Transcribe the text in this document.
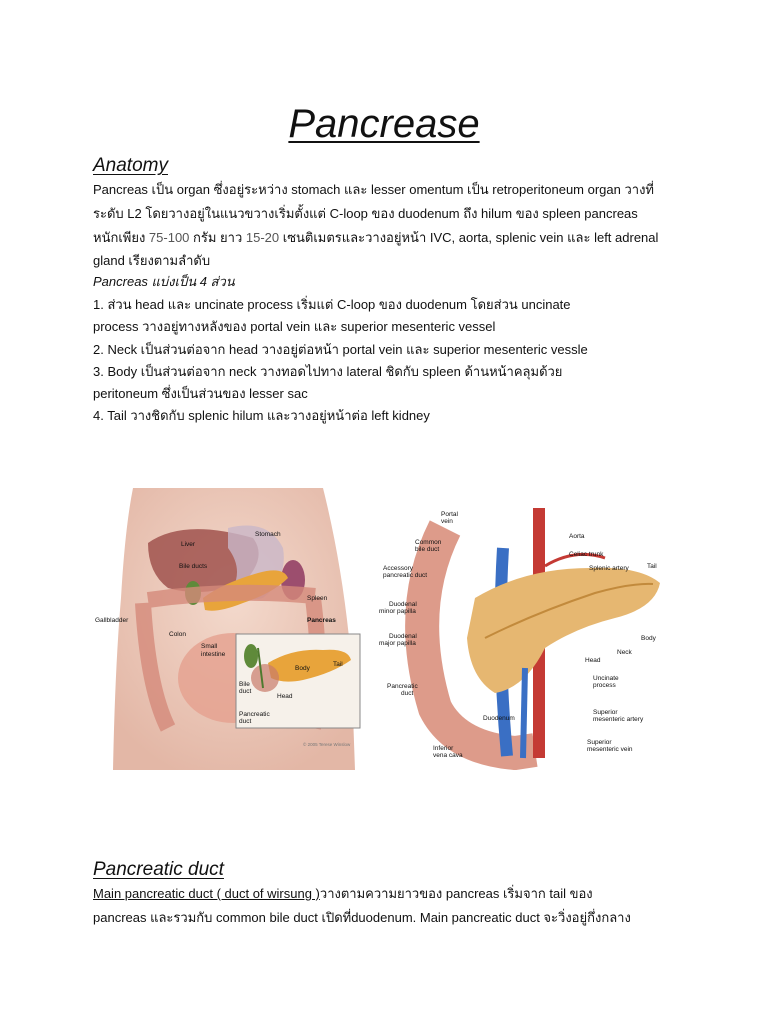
Pancrease
Anatomy
Pancreas เป็น organ ซึ่งอยู่ระหว่าง stomach และ lesser omentum เป็น retroperitoneum organ วางที่
ระดับ L2 โดยวางอยู่ในแนวขวางเริ่มตั้งแต่ C-loop ของ duodenum ถึง hilum ของ spleen pancreas
หนักเพียง 75-100 กรัม ยาว 15-20 เซนติเมตรและวางอยู่หน้า IVC, aorta, splenic vein และ left adrenal
gland เรียงตามลำดับ
Pancreas แบ่งเป็น 4 ส่วน
1. ส่วน head และ uncinate process เริ่มแต่ C-loop ของ duodenum โดยส่วน uncinate
process วางอยู่ทางหลังของ portal vein และ superior mesenteric vessel
2. Neck เป็นส่วนต่อจาก head วางอยู่ต่อหน้า portal vein และ superior mesenteric vessle
3. Body เป็นส่วนต่อจาก neck วางทอดไปทาง lateral ชิดกับ spleen ด้านหน้าคลุมด้วย
peritoneum ซึ่งเป็นส่วนของ lesser sac
4. Tail วางชิดกับ splenic hilum และวางอยู่หน้าต่อ left kidney
Liver
Stomach
Bile ducts
Spleen
Pancreas
Gallbladder
Colon
Small
intestine
Body
Tail
Bile
duct
Head
Pancreatic
duct
© 2005 Terese Winslow
Portal
vein
Common
bile duct
Aorta
Celiac trunk
Accessory
pancreatic duct
Splenic artery	Tail
Duodenal
minor papilla
Body
Duodenal
major papilla
Neck
Head
Pancreatic
duct
Uncinate
process
Duodenum
Superior
mesenteric artery
Inferior
vena cava
Superior
mesenteric vein
Pancreatic duct
Main pancreatic duct ( duct of wirsung )วางตามความยาวของ pancreas เริ่มจาก tail ของ
pancreas และรวมกับ common bile duct เปิดที่duodenum. Main pancreatic duct จะวิ่งอยู่กึ่งกลาง
